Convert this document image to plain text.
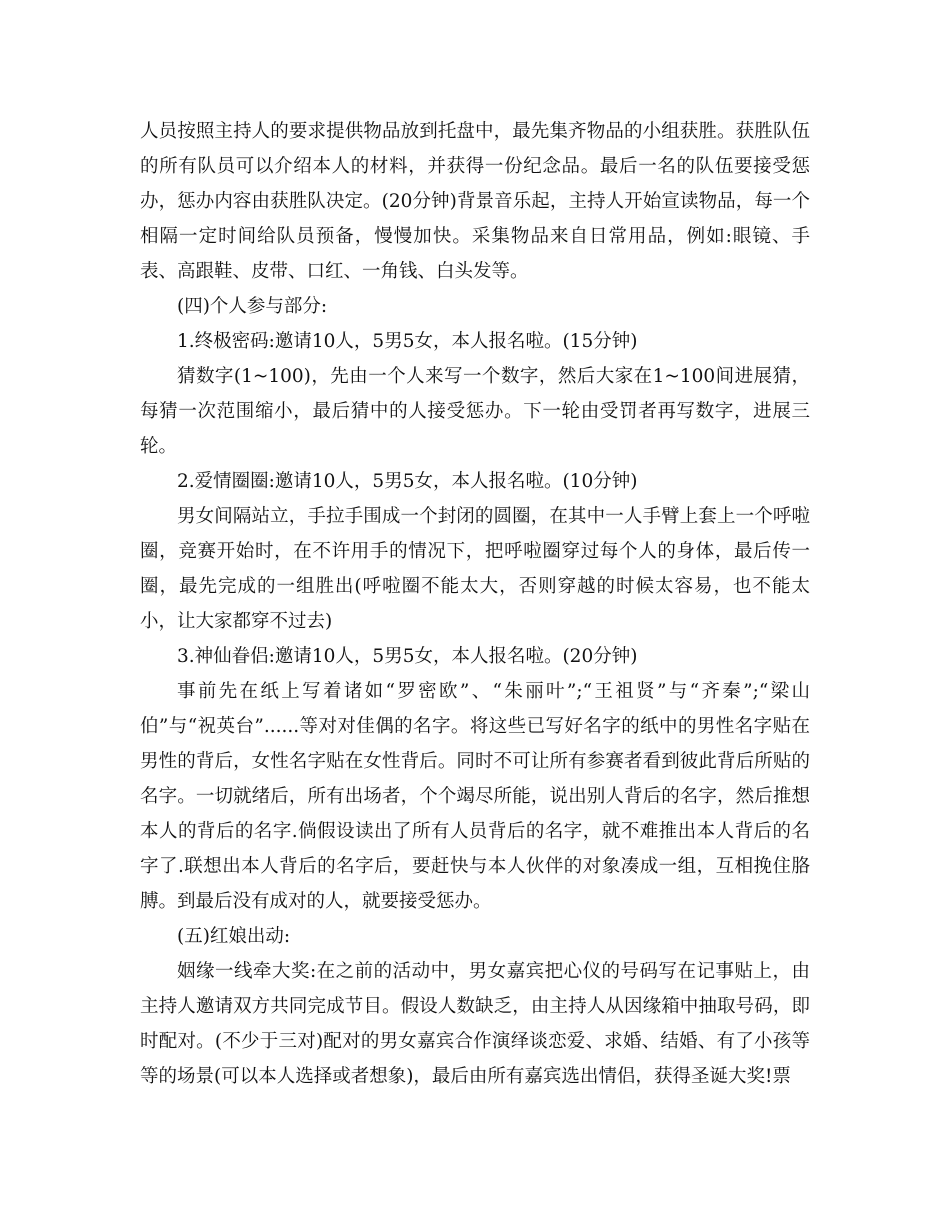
人员按照主持人的要求提供物品放到托盘中，最先集齐物品的小组获胜。获胜队伍的所有队员可以介绍本人的材料，并获得一份纪念品。最后一名的队伍要接受惩办，惩办内容由获胜队决定。(20分钟)背景音乐起，主持人开始宣读物品，每一个相隔一定时间给队员预备，慢慢加快。采集物品来自日常用品，例如:眼镜、手表、高跟鞋、皮带、口红、一角钱、白头发等。

(四)个人参与部分:

1.终极密码:邀请10人，5男5女，本人报名啦。(15分钟)

猜数字(1~100)，先由一个人来写一个数字，然后大家在1~100间进展猜，每猜一次范围缩小，最后猜中的人接受惩办。下一轮由受罚者再写数字，进展三轮。

2.爱情圈圈:邀请10人，5男5女，本人报名啦。(10分钟)

男女间隔站立，手拉手围成一个封闭的圆圈，在其中一人手臂上套上一个呼啦圈，竞赛开始时，在不许用手的情况下，把呼啦圈穿过每个人的身体，最后传一圈，最先完成的一组胜出(呼啦圈不能太大，否则穿越的时候太容易，也不能太小，让大家都穿不过去)

3.神仙眷侣:邀请10人，5男5女，本人报名啦。(20分钟)

事前先在纸上写着诸如“罗密欧”、“朱丽叶”;“王祖贤”与“齐秦”;“梁山伯”与“祝英台”......等对对佳偶的名字。将这些已写好名字的纸中的男性名字贴在男性的背后，女性名字贴在女性背后。同时不可让所有参赛者看到彼此背后所贴的名字。一切就绪后，所有出场者，个个竭尽所能，说出别人背后的名字，然后推想本人的背后的名字.倘假设读出了所有人员背后的名字，就不难推出本人背后的名字了.联想出本人背后的名字后，要赶快与本人伙伴的对象凑成一组，互相挽住胳膊。到最后没有成对的人，就要接受惩办。

(五)红娘出动:

姻缘一线牵大奖:在之前的活动中，男女嘉宾把心仪的号码写在记事贴上，由主持人邀请双方共同完成节目。假设人数缺乏，由主持人从因缘箱中抽取号码，即时配对。(不少于三对)配对的男女嘉宾合作演绎谈恋爱、求婚、结婚、有了小孩等等的场景(可以本人选择或者想象)，最后由所有嘉宾选出情侣，获得圣诞大奖!票
